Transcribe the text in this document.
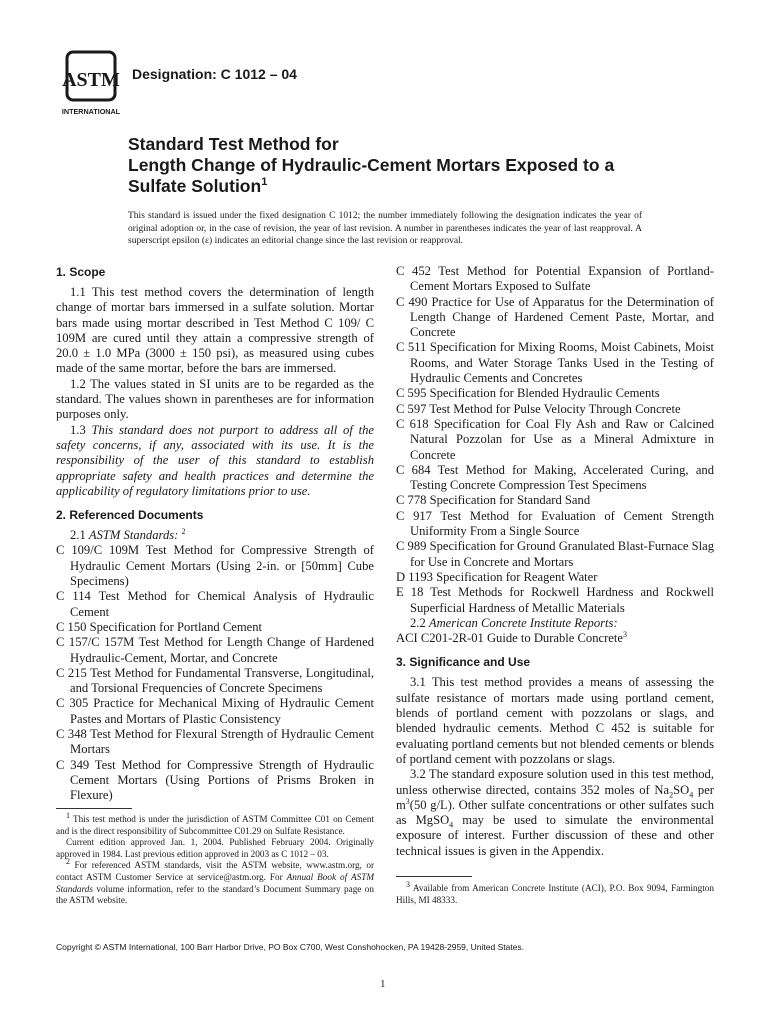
ASTM
INTERNATIONAL
Designation: C 1012 – 04
Standard Test Method for
Length Change of Hydraulic-Cement Mortars Exposed to a
Sulfate Solution$^1$
This standard is issued under the fixed designation C 1012; the number immediately following the designation indicates the year of original adoption or, in the case of revision, the year of last revision. A number in parentheses indicates the year of last reapproval. A superscript epsilon (ε) indicates an editorial change since the last revision or reapproval.
1. Scope

1.1 This test method covers the determination of length change of mortar bars immersed in a sulfate solution. Mortar bars made using mortar described in Test Method C 109/ C 109M are cured until they attain a compressive strength of 20.0 ± 1.0 MPa (3000 ± 150 psi), as measured using cubes made of the same mortar, before the bars are immersed.

1.2 The values stated in SI units are to be regarded as the standard. The values shown in parentheses are for information purposes only.

1.3 This standard does not purport to address all of the safety concerns, if any, associated with its use. It is the responsibility of the user of this standard to establish appropriate safety and health practices and determine the applicability of regulatory limitations prior to use.

2. Referenced Documents
2.1 ASTM Standards: $^2$
C 109/C 109M Test Method for Compressive Strength of Hydraulic Cement Mortars (Using 2-in. or [50mm] Cube Specimens)
C 114 Test Method for Chemical Analysis of Hydraulic Cement
C 150 Specification for Portland Cement
C 157/C 157M Test Method for Length Change of Hardened Hydraulic-Cement, Mortar, and Concrete
C 215 Test Method for Fundamental Transverse, Longitudinal, and Torsional Frequencies of Concrete Specimens
C 305 Practice for Mechanical Mixing of Hydraulic Cement Pastes and Mortars of Plastic Consistency
C 348 Test Method for Flexural Strength of Hydraulic Cement Mortars
C 349 Test Method for Compressive Strength of Hydraulic Cement Mortars (Using Portions of Prisms Broken in Flexure)
C 452 Test Method for Potential Expansion of Portland-Cement Mortars Exposed to Sulfate
C 490 Practice for Use of Apparatus for the Determination of Length Change of Hardened Cement Paste, Mortar, and Concrete
C 511 Specification for Mixing Rooms, Moist Cabinets, Moist Rooms, and Water Storage Tanks Used in the Testing of Hydraulic Cements and Concretes
C 595 Specification for Blended Hydraulic Cements
C 597 Test Method for Pulse Velocity Through Concrete
C 618 Specification for Coal Fly Ash and Raw or Calcined Natural Pozzolan for Use as a Mineral Admixture in Concrete
C 684 Test Method for Making, Accelerated Curing, and Testing Concrete Compression Test Specimens
C 778 Specification for Standard Sand
C 917 Test Method for Evaluation of Cement Strength Uniformity From a Single Source
C 989 Specification for Ground Granulated Blast-Furnace Slag for Use in Concrete and Mortars
D 1193 Specification for Reagent Water
E 18 Test Methods for Rockwell Hardness and Rockwell Superficial Hardness of Metallic Materials
2.2 American Concrete Institute Reports:
ACI C201-2R-01 Guide to Durable Concrete$^3$
3. Significance and Use

3.1 This test method provides a means of assessing the sulfate resistance of mortars made using portland cement, blends of portland cement with pozzolans or slags, and blended hydraulic cements. Method C 452 is suitable for evaluating portland cements but not blended cements or blends of portland cement with pozzolans or slags.

3.2 The standard exposure solution used in this test method, unless otherwise directed, contains 352 moles of $Na_2SO_4$ per $m^3(50$ g/L). Other sulfate concentrations or other sulfates such as MgSO$_4$ may be used to simulate the environmental exposure of interest. Further discussion of these and other technical issues is given in the Appendix.

$^1$ This test method is under the jurisdiction of ASTM Committee C01 on Cement and is the direct responsibility of Subcommittee C01.29 on Sulfate Resistance.

Current edition approved Jan. 1, 2004. Published February 2004. Originally approved in 1984. Last previous edition approved in 2003 as C 1012 – 03.

$^2$ For referenced ASTM standards, visit the ASTM website, www.astm.org, or contact ASTM Customer Service at service@astm.org. For Annual Book of ASTM Standards volume information, refer to the standard’s Document Summary page on the ASTM website.

$^3$ Available from American Concrete Institute (ACI), P.O. Box 9094, Farmington Hills, MI 48333.

Copyright © ASTM International, 100 Barr Harbor Drive, PO Box C700, West Conshohocken, PA 19428-2959, United States.
1
